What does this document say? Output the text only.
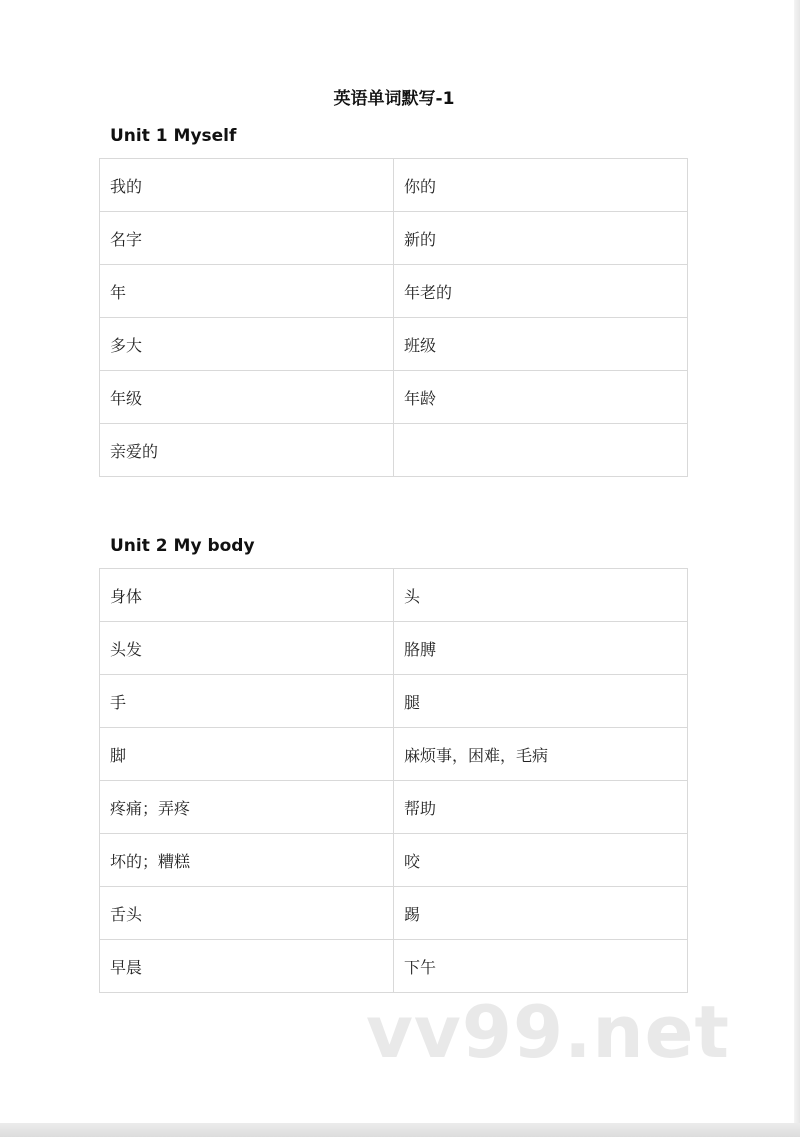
英语单词默写-1
Unit 1 Myself
我的	你的
名字	新的
年	年老的
多大	班级
年级	年龄
亲爱的	
Unit 2 My body
身体	头
头发	胳膊
手	腿
脚	麻烦事，困难，毛病
疼痛；弄疼	帮助
坏的；糟糕	咬
舌头	踢
早晨	下午
vv99.net
